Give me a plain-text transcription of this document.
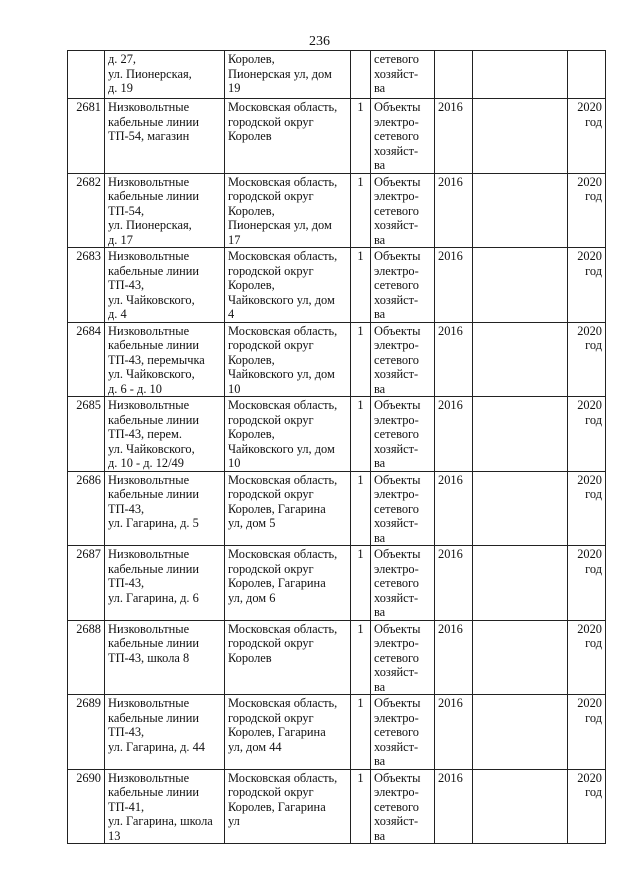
236
	д. 27,
ул. Пионерская,
д. 19	Королев,
Пионерская ул, дом
19		сетевого
хозяйст-
ва			
2681	Низковольтные
кабельные линии
ТП-54, магазин	Московская область,
городской округ
Королев	1	Объекты
электро-
сетевого
хозяйст-
ва	2016		2020
год
2682	Низковольтные
кабельные линии
ТП-54,
ул. Пионерская,
д. 17	Московская область,
городской округ
Королев,
Пионерская ул, дом
17	1	Объекты
электро-
сетевого
хозяйст-
ва	2016		2020
год
2683	Низковольтные
кабельные линии
ТП-43,
ул. Чайковского,
д. 4	Московская область,
городской округ
Королев,
Чайковского ул, дом
4	1	Объекты
электро-
сетевого
хозяйст-
ва	2016		2020
год
2684	Низковольтные
кабельные линии
ТП-43, перемычка
ул. Чайковского,
д. 6 - д. 10	Московская область,
городской округ
Королев,
Чайковского ул, дом
10	1	Объекты
электро-
сетевого
хозяйст-
ва	2016		2020
год
2685	Низковольтные
кабельные линии
ТП-43, перем.
ул. Чайковского,
д. 10 - д. 12/49	Московская область,
городской округ
Королев,
Чайковского ул, дом
10	1	Объекты
электро-
сетевого
хозяйст-
ва	2016		2020
год
2686	Низковольтные
кабельные линии
ТП-43,
ул. Гагарина, д. 5	Московская область,
городской округ
Королев, Гагарина
ул, дом 5	1	Объекты
электро-
сетевого
хозяйст-
ва	2016		2020
год
2687	Низковольтные
кабельные линии
ТП-43,
ул. Гагарина, д. 6	Московская область,
городской округ
Королев, Гагарина
ул, дом 6	1	Объекты
электро-
сетевого
хозяйст-
ва	2016		2020
год
2688	Низковольтные
кабельные линии
ТП-43, школа 8	Московская область,
городской округ
Королев	1	Объекты
электро-
сетевого
хозяйст-
ва	2016		2020
год
2689	Низковольтные
кабельные линии
ТП-43,
ул. Гагарина, д. 44	Московская область,
городской округ
Королев, Гагарина
ул, дом 44	1	Объекты
электро-
сетевого
хозяйст-
ва	2016		2020
год
2690	Низковольтные
кабельные линии
ТП-41,
ул. Гагарина, школа
13	Московская область,
городской округ
Королев, Гагарина
ул	1	Объекты
электро-
сетевого
хозяйст-
ва	2016		2020
год
